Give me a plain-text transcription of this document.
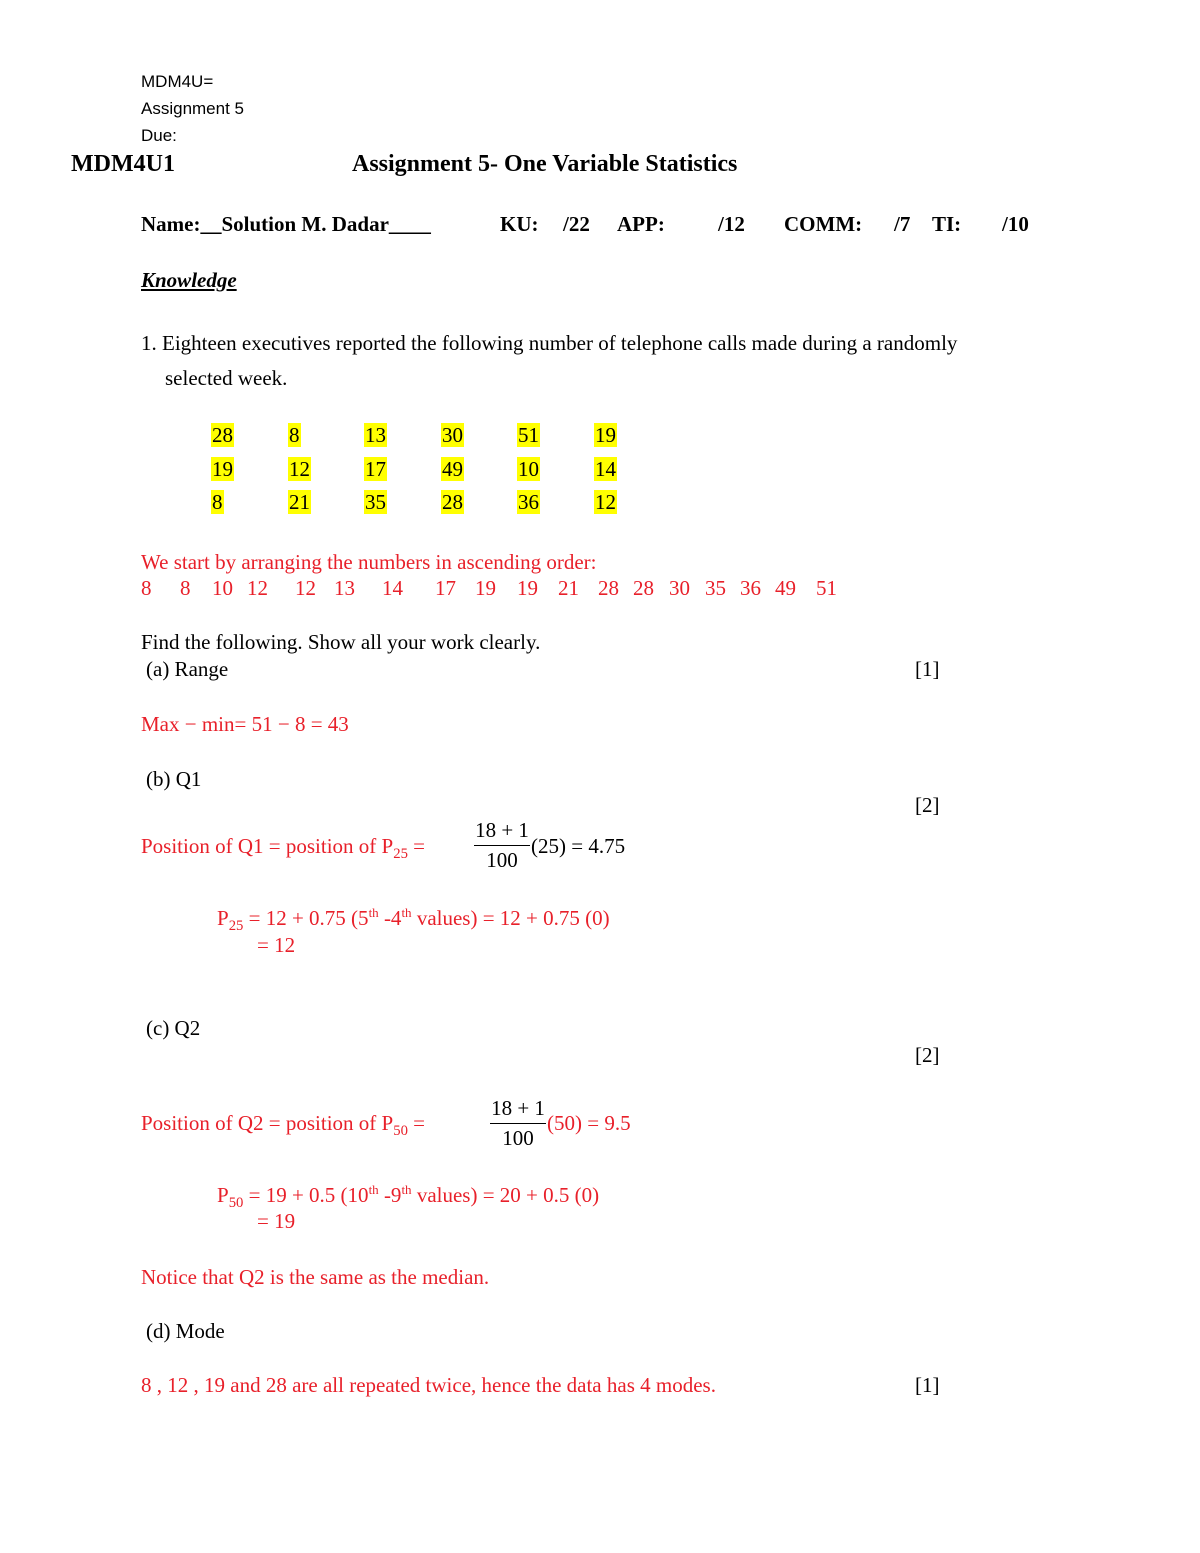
MDM4U=
Assignment 5
Due:
MDM4U1	Assignment 5- One Variable Statistics
Name:__Solution M. Dadar____	KU: /22 APP:	/12 COMM: /7 TI: /10
Knowledge
1. Eighteen executives reported the following number of telephone calls made during a randomly
selected week.
28	8	13	30	51	19
19	12	17	49	10	14
8	21	35	28	36	12
We start by arranging the numbers in ascending order:
8 8 10 12 12 13 14 17 19 19 21 28 28 30 35 36 49 51
Find the following. Show all your work clearly.
(a) Range	[1]
Max − min= 51 − 8 = 43
(b) Q1
[2]
Position of Q1 = position of $P_{25}$ =
18 + 1
100
(25) = 4.75
$P_{25} = 12 + 0.75$ (5th -4th values) = 12 + 0.75 (0)
= 12
(c) Q2
[2]
Position of Q2 = position of $P_{50}$ =
18 + 1
100
(50) = 9.5
$P_{50} = 19 + 0.5$ (10th -9th values) = 20 + 0.5 (0)
= 19
Notice that Q2 is the same as the median.
(d) Mode
8 , 12 , 19 and 28 are all repeated twice, hence the data has 4 modes.	[1]
